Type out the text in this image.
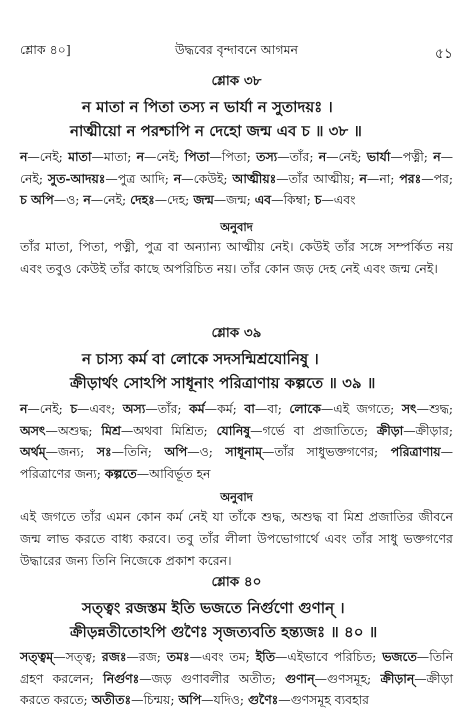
শ্লোক ৪০]	উদ্ধবের বৃন্দাবনে আগমন	৫১
শ্লোক ৩৮
ন মাতা ন পিতা তস্য ন ভার্যা ন সুতাদয়ঃ ।
নাত্মীয়ো ন পরশ্চাপি ন দেহো জন্ম এব চ ॥ ৩৮ ॥
ন—নেই; মাতা—মাতা; ন—নেই; পিতা—পিতা; তস্য—তাঁর; ন—নেই; ভার্যা—পত্নী; ন—নেই; সুত-আদয়ঃ—পুত্র আদি; ন—কেউই; আত্মীয়ঃ—তাঁর আত্মীয়; ন—না; পরঃ—পর; চ অপি—ও; ন—নেই; দেহঃ—দেহ; জন্ম—জন্ম; এব—কিম্বা; চ—এবং
অনুবাদ
তাঁর মাতা, পিতা, পত্নী, পুত্র বা অন্যান্য আত্মীয় নেই। কেউই তাঁর সঙ্গে সম্পর্কিত নয় এবং তবুও কেউই তাঁর কাছে অপরিচিত নয়। তাঁর কোন জড় দেহ নেই এবং জন্ম নেই।
শ্লোক ৩৯
ন চাস্য কর্ম বা লোকে সদসন্মিশ্রযোনিষু ।
ক্রীড়ার্থং সোঽপি সাধূনাং পরিত্রাণায় কল্পতে ॥ ৩৯ ॥
ন—নেই; চ—এবং; অস্য—তাঁর; কর্ম—কর্ম; বা—বা; লোকে—এই জগতে; সৎ—শুদ্ধ; অসৎ—অশুদ্ধ; মিশ্র—অথবা মিশ্রিত; যোনিষু—গর্ভে বা প্রজাতিতে; ক্রীড়া—ক্রীড়ার; অর্থম্—জন্য; সঃ—তিনি; অপি—ও; সাধূনাম্—তাঁর সাধুভক্তগণের; পরিত্রাণায়—পরিত্রাণের জন্য; কল্পতে—আবির্ভূত হন
অনুবাদ
এই জগতে তাঁর এমন কোন কর্ম নেই যা তাঁকে শুদ্ধ, অশুদ্ধ বা মিশ্র প্রজাতির জীবনে জন্ম লাভ করতে বাধ্য করবে। তবু তাঁর লীলা উপভোগার্থে এবং তাঁর সাধু ভক্তগণের উদ্ধারের জন্য তিনি নিজেকে প্রকাশ করেন।
শ্লোক ৪০
সত্ত্বং রজস্তম ইতি ভজতে নির্গুণো গুণান্ ।
ক্রীড়ন্নতীতোঽপি গুণৈঃ সৃজত্যবতি হন্ত্যজঃ ॥ ৪০ ॥
সত্ত্বম্—সত্ত্ব; রজঃ—রজ; তমঃ—এবং তম; ইতি—এইভাবে পরিচিত; ভজতে—তিনি গ্রহণ করলেন; নির্গুণঃ—জড় গুণাবলীর অতীত; গুণান্—গুণসমূহ; ক্রীড়ান্—ক্রীড়া করতে করতে; অতীতঃ—চিন্ময়; অপি—যদিও; গুণৈঃ—গুণসমূহ ব্যবহার
